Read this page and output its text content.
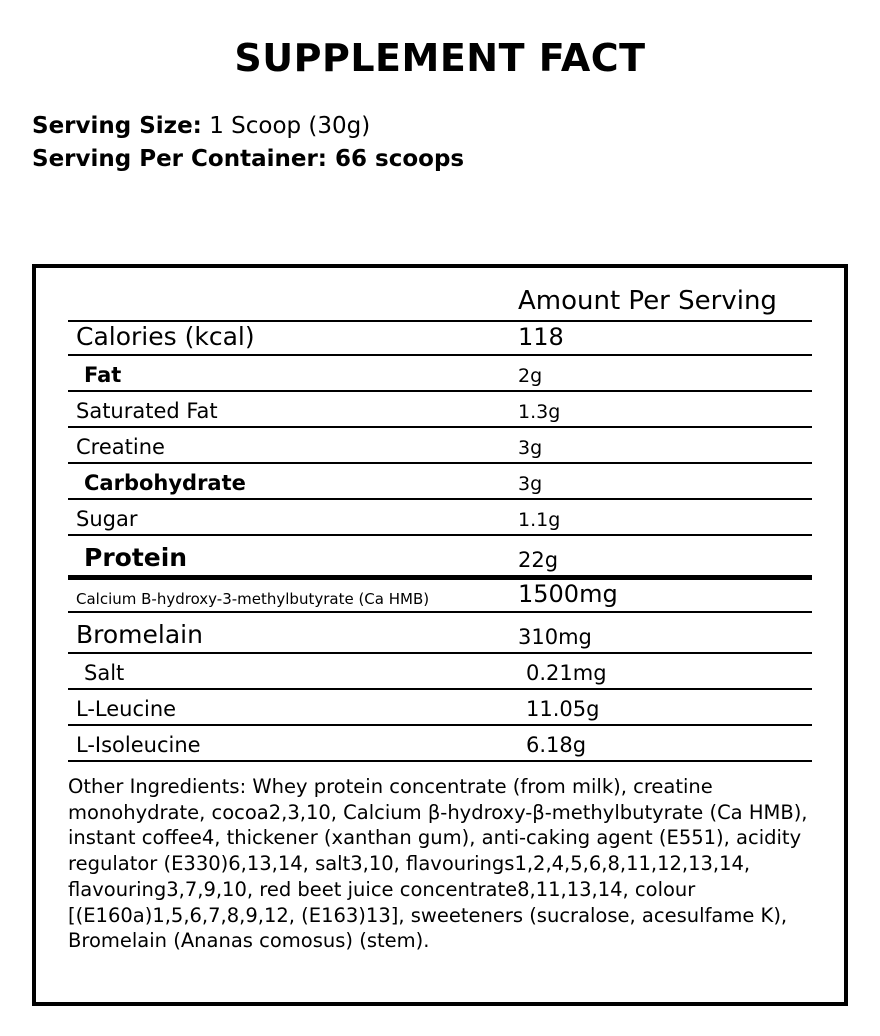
SUPPLEMENT FACT
Serving Size: 1 Scoop (30g)
Serving Per Container: 66 scoops
	Amount Per Serving

Calories (kcal)	118

Fat	2g

Saturated Fat	1.3g

Creatine	3g

Carbohydrate	3g

Sugar	1.1g

Protein	22g

Calcium B-hydroxy-3-methylbutyrate (Ca HMB)	1500mg

Bromelain	310mg

Salt	0.21mg

L-Leucine	11.05g

L-Isoleucine	6.18g
Other Ingredients: Whey protein concentrate (from milk), creatine monohydrate, cocoa2,3,10, Calcium β-hydroxy-β-methylbutyrate (Ca HMB), instant coffee4, thickener (xanthan gum), anti-caking agent (E551), acidity regulator (E330)6,13,14, salt3,10, flavourings1,2,4,5,6,8,11,12,13,14, flavouring3,7,9,10, red beet juice concentrate8,11,13,14, colour [(E160a)1,5,6,7,8,9,12, (E163)13], sweeteners (sucralose, acesulfame K), Bromelain (Ananas comosus) (stem).
